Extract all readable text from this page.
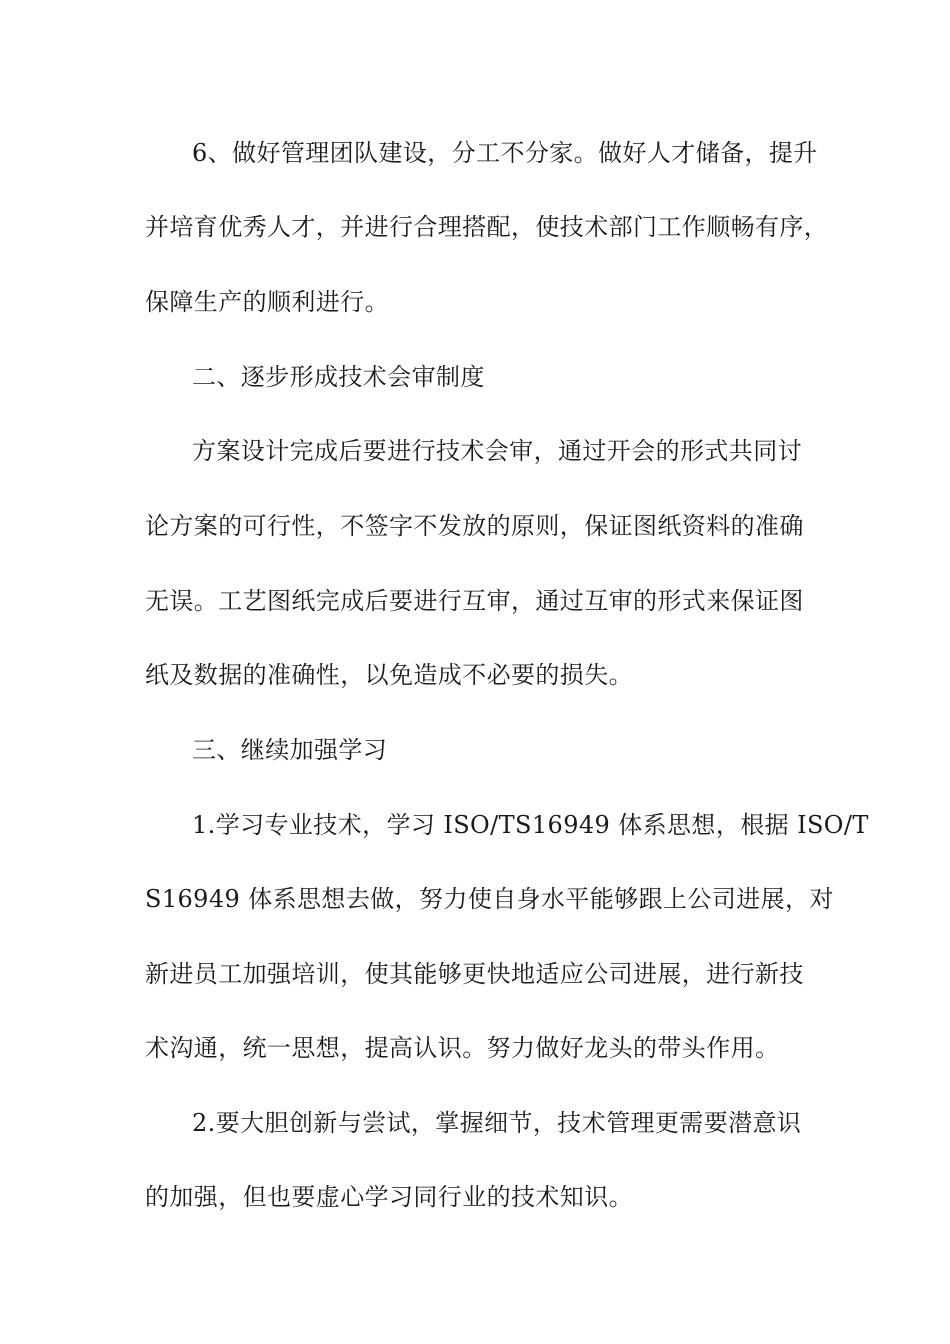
6、做好管理团队建设，分工不分家。做好人才储备，提升
并培育优秀人才，并进行合理搭配，使技术部门工作顺畅有序，
保障生产的顺利进行。
二、逐步形成技术会审制度
方案设计完成后要进行技术会审，通过开会的形式共同讨
论方案的可行性，不签字不发放的原则，保证图纸资料的准确
无误。工艺图纸完成后要进行互审，通过互审的形式来保证图
纸及数据的准确性，以免造成不必要的损失。
三、继续加强学习
1.学习专业技术，学习 ISO/TS16949 体系思想，根据 ISO/T
S16949 体系思想去做，努力使自身水平能够跟上公司进展，对
新进员工加强培训，使其能够更快地适应公司进展，进行新技
术沟通，统一思想，提高认识。努力做好龙头的带头作用。
2.要大胆创新与尝试，掌握细节，技术管理更需要潜意识
的加强，但也要虚心学习同行业的技术知识。
